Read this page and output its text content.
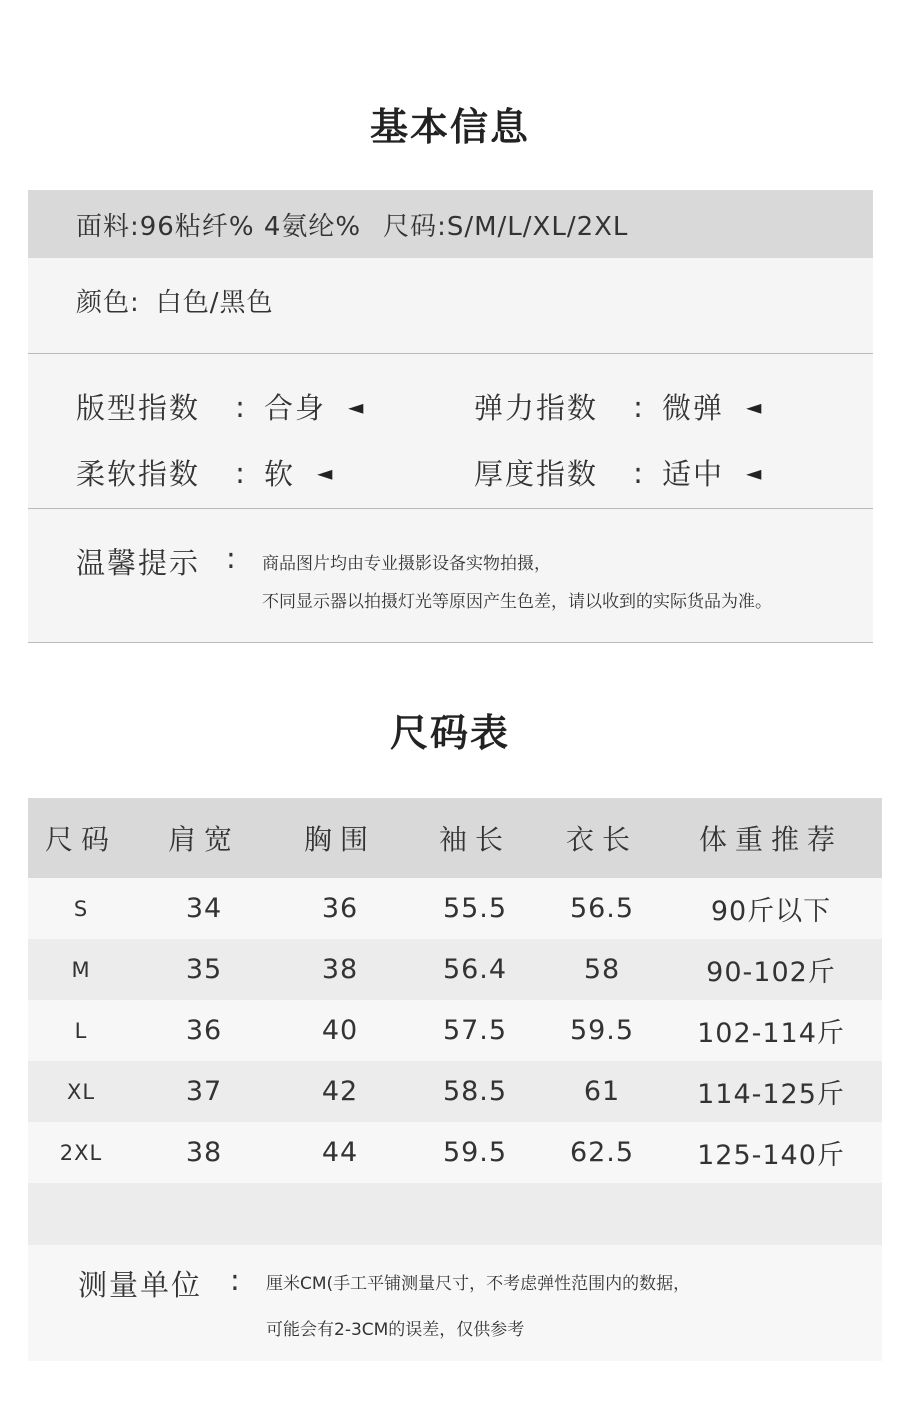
基本信息
面料:96粘纤% 4氨纶% 尺码:S/M/L/XL/2XL
颜色: 白色/黑色
版型指数	: 合身 ◄	弹力指数	: 微弹 ◄
柔软指数	: 软 ◄	厚度指数	: 适中 ◄
温馨提示 : 商品图片均由专业摄影设备实物拍摄，
不同显示器以拍摄灯光等原因产生色差，请以收到的实际货品为准。
尺码表
尺码	肩宽	胸围	袖长	衣长	体重推荐
S	34	36	55.5	56.5	90斤以下
M	35	38	56.4	58	90-102斤
L	36	40	57.5	59.5	102-114斤
XL	37	42	58.5	61	114-125斤
2XL	38	44	59.5	62.5	125-140斤
测量单位 : 厘米CM(手工平铺测量尺寸，不考虑弹性范围内的数据，
可能会有2-3CM的误差，仅供参考
